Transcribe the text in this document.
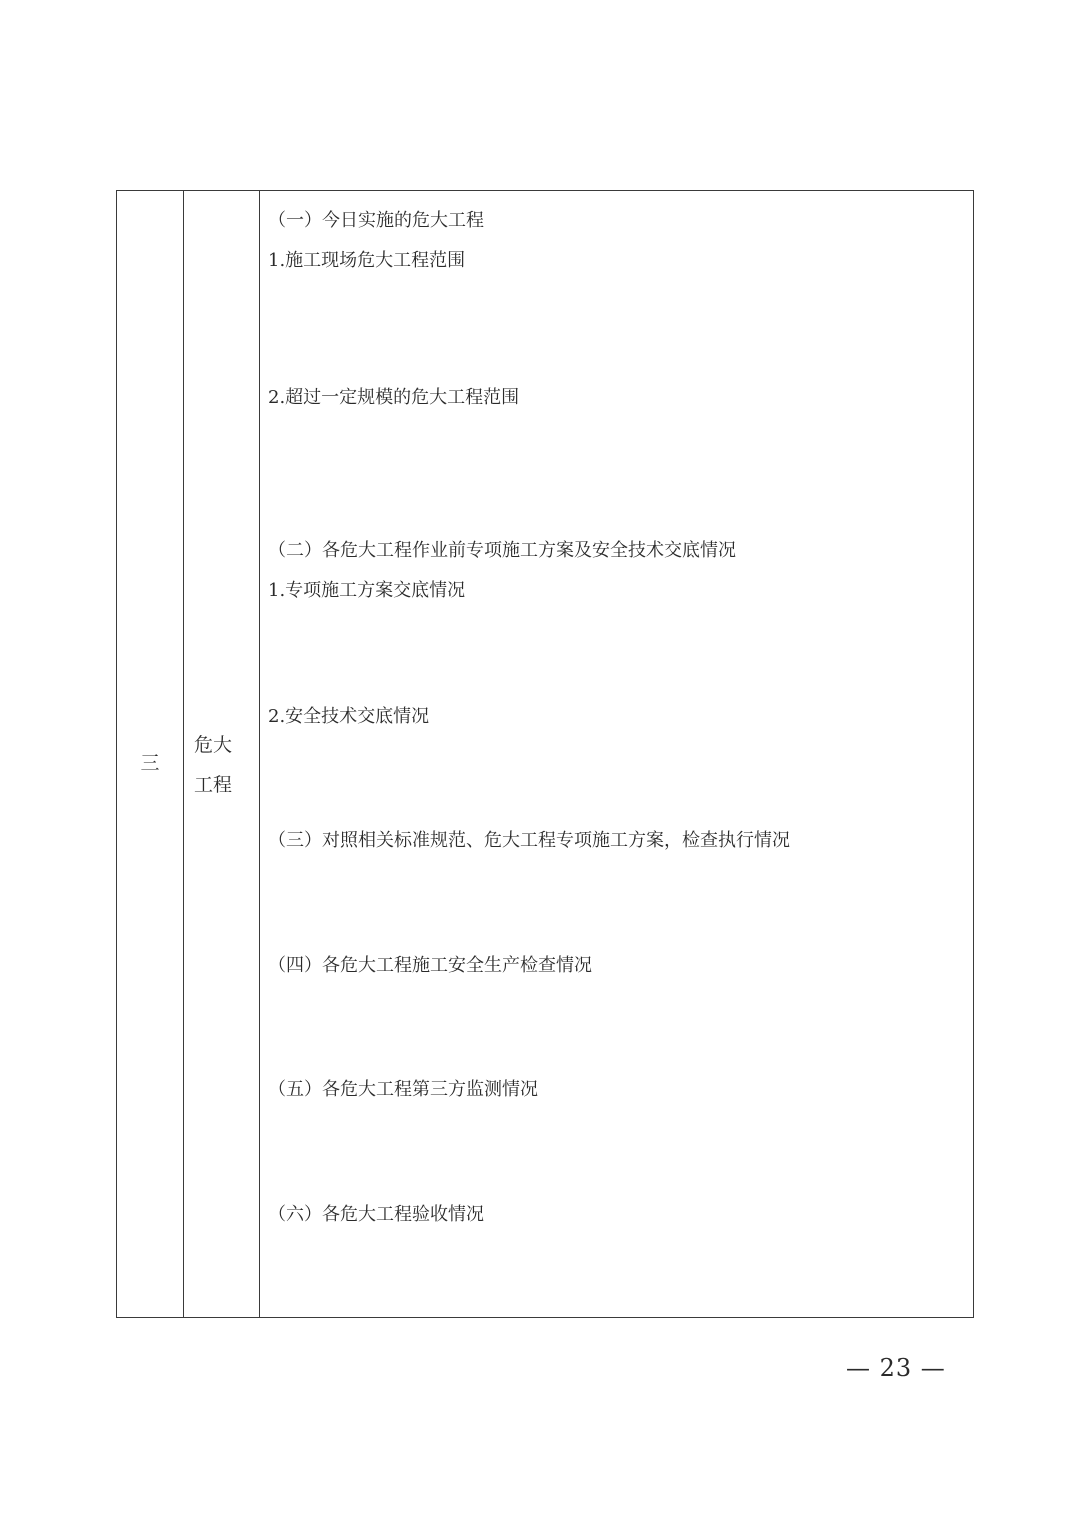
三
危大
工程
（一）今日实施的危大工程
1.施工现场危大工程范围
2.超过一定规模的危大工程范围
（二）各危大工程作业前专项施工方案及安全技术交底情况
1.专项施工方案交底情况
2.安全技术交底情况
（三）对照相关标准规范、危大工程专项施工方案，检查执行情况
（四）各危大工程施工安全生产检查情况
（五）各危大工程第三方监测情况
（六）各危大工程验收情况
— 23 —
